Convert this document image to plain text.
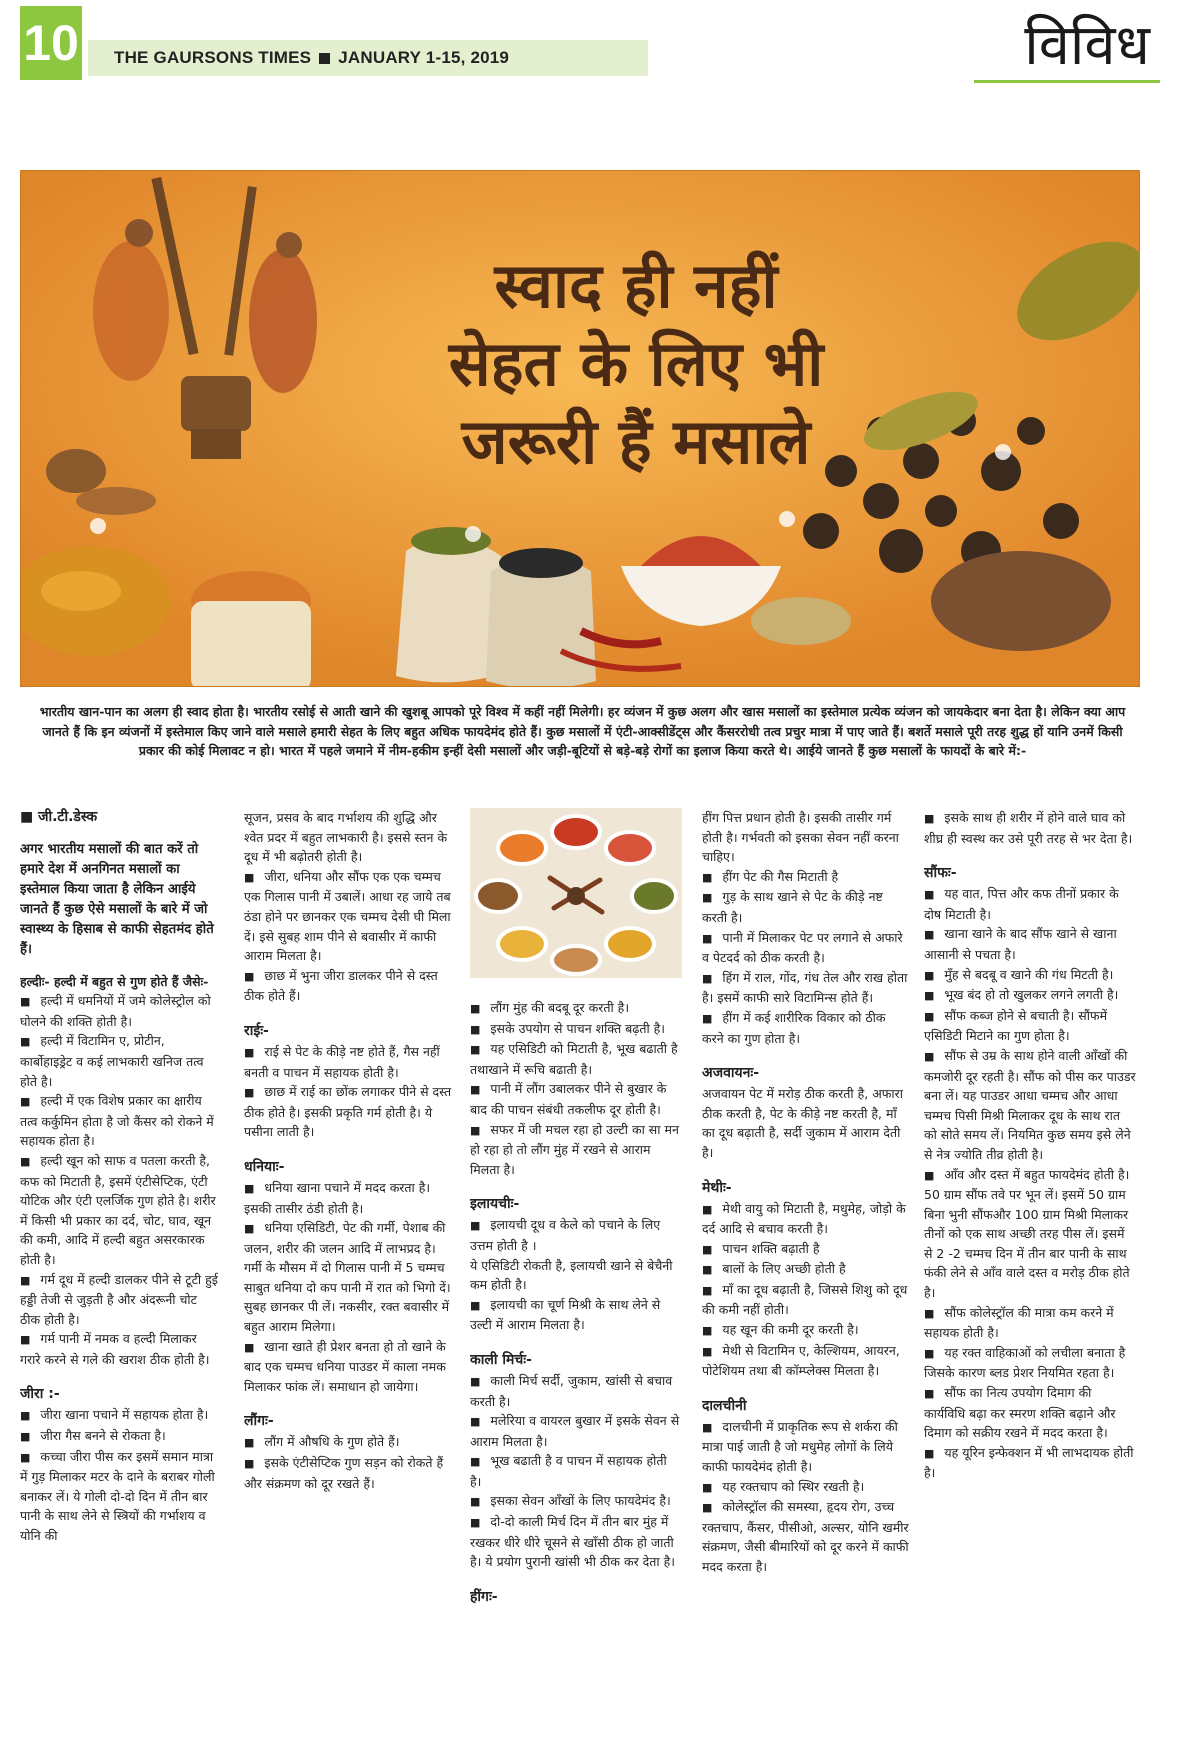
10	THE GAURSONS TIMES JANUARY 1-15, 2019	विविध
स्वाद ही नहीं
सेहत के लिए भी
जरूरी हैं मसाले
भारतीय खान-पान का अलग ही स्वाद होता है। भारतीय रसोई से आती खाने की खुशबू आपको पूरे विश्व में कहीं नहीं मिलेगी। हर व्यंजन में कुछ अलग और खास मसालों का इस्तेमाल प्रत्येक व्यंजन को जायकेदार बना देता है। लेकिन क्या आप जानते हैं कि इन व्यंजनों में इस्तेमाल किए जाने वाले मसाले हमारी सेहत के लिए बहुत अधिक फायदेमंद होते हैं। कुछ मसालों में एंटी-आक्सीडेंट्स और कैंसररोधी तत्व प्रचुर मात्रा में पाए जाते हैं। बशर्ते मसाले पूरी तरह शुद्ध हों यानि उनमें किसी प्रकार की कोई मिलावट न हो। भारत में पहले जमाने में नीम-हकीम इन्हीं देसी मसालों और जड़ी-बूटियों से बड़े-बड़े रोगों का इलाज किया करते थे। आईये जानते हैं कुछ मसालों के फायदों के बारे में:-

■ जी.टी.डेस्क

अगर भारतीय मसालों की बात करें तो हमारे देश में अनगिनत मसालों का इस्तेमाल किया जाता है लेकिन आईये जानते हैं कुछ ऐसे मसालों के बारे में जो स्वास्थ्य के हिसाब से काफी सेहतमंद होते हैं।

हल्दीः- हल्दी में बहुत से गुण होते हैं जैसेः-

■ हल्दी में धमनियों में जमे कोलेस्ट्रोल को घोलने की शक्ति होती है।

■ हल्दी में विटामिन ए, प्रोटीन, कार्बोहाइड्रेट व कई लाभकारी खनिज तत्व होते है।

■ हल्दी में एक विशेष प्रकार का क्षारीय तत्व कर्कुमिन होता है जो कैंसर को रोकने में सहायक होता है।

■ हल्दी खून को साफ व पतला करती है, कफ को मिटाती है, इसमें एंटीसेप्टिक, एंटी योटिक और एंटी एलर्जिक गुण होते है। शरीर में किसी भी प्रकार का दर्द, चोट, घाव, खून की कमी, आदि में हल्दी बहुत असरकारक होती है।

■ गर्म दूध में हल्दी डालकर पीने से टूटी हुई हड्डी तेजी से जुड़ती है और अंदरूनी चोट ठीक होती है।

■ गर्म पानी में नमक व हल्दी मिलाकर गरारे करने से गले की खराश ठीक होती है।

जीरा :-

■ जीरा खाना पचाने में सहायक होता है।

■ जीरा गैस बनने से रोकता है।

■ कच्चा जीरा पीस कर इसमें समान मात्रा में गुड़ मिलाकर मटर के दाने के बराबर गोली बनाकर लें। ये गोली दो-दो दिन में तीन बार पानी के साथ लेने से स्त्रियों की गर्भाशय व योनि की

सूजन, प्रसव के बाद गर्भाशय की शुद्धि और श्वेत प्रदर में बहुत लाभकारी है। इससे स्तन के दूध में भी बढ़ोतरी होती है।

■ जीरा, धनिया और सौंफ एक एक चम्मच एक गिलास पानी में उबालें। आधा रह जाये तब ठंडा होने पर छानकर एक चम्मच देसी घी मिला दें। इसे सुबह शाम पीने से बवासीर में काफी आराम मिलता है।

■ छाछ में भुना जीरा डालकर पीने से दस्त ठीक होते हैं।

राईः-

■ राई से पेट के कीड़े नष्ट होते हैं, गैस नहीं बनती व पाचन में सहायक होती है।

■ छाछ में राई का छोंक लगाकर पीने से दस्त ठीक होते है। इसकी प्रकृति गर्म होती है। ये पसीना लाती है।

धनियाः-

■ धनिया खाना पचाने में मदद करता है। इसकी तासीर ठंडी होती है।

■ धनिया एसिडिटी, पेट की गर्मी, पेशाब की जलन, शरीर की जलन आदि में लाभप्रद है। गर्मी के मौसम में दो गिलास पानी में 5 चम्मच साबुत धनिया दो कप पानी में रात को भिगो दें। सुबह छानकर पी लें। नकसीर, रक्त बवासीर में बहुत आराम मिलेगा।

■ खाना खाते ही प्रेशर बनता हो तो खाने के बाद एक चम्मच धनिया पाउडर में काला नमक मिलाकर फांक लें। समाधान हो जायेगा।

लौंगः-

■ लौंग में औषधि के गुण होते हैं।

■ इसके एंटीसेप्टिक गुण सड़न को रोकते हैं और संक्रमण को दूर रखते हैं।

■ लौंग मुंह की बदबू दूर करती है।

■ इसके उपयोग से पाचन शक्ति बढ़ती है।

■ यह एसिडिटी को मिटाती है, भूख बढाती है तथाखाने में रूचि बढाती है।

■ पानी में लौंग उबालकर पीने से बुखार के बाद की पाचन संबंधी तकलीफ दूर होती है।

■ सफर में जी मचल रहा हो उल्टी का सा मन हो रहा हो तो लौंग मुंह में रखने से आराम मिलता है।

इलायचीः-

■ इलायची दूध व केले को पचाने के लिए उत्तम होती है ।

ये एसिडिटी रोकती है, इलायची खाने से बेचैनी कम होती है।

■ इलायची का चूर्ण मिश्री के साथ लेने से उल्टी में आराम मिलता है।

काली मिर्चः-

■ काली मिर्च सर्दी, जुकाम, खांसी से बचाव करती है।

■ मलेरिया व वायरल बुखार में इसके सेवन से आराम मिलता है।

■ भूख बढाती है व पाचन में सहायक होती है।

■ इसका सेवन आँखों के लिए फायदेमंद है।

■ दो-दो काली मिर्च दिन में तीन बार मुंह में रखकर धीरे धीरे चूसने से खाँसी ठीक हो जाती है। ये प्रयोग पुरानी खांसी भी ठीक कर देता है।

हींगः-

हींग पित्त प्रधान होती है। इसकी तासीर गर्म होती है। गर्भवती को इसका सेवन नहीं करना चाहिए।

■ हींग पेट की गैस मिटाती है

■ गुड़ के साथ खाने से पेट के कीड़े नष्ट करती है।

■ पानी में मिलाकर पेट पर लगाने से अफारे व पेटदर्द को ठीक करती है।

■ हिंग में राल, गोंद, गंध तेल और राख होता है। इसमें काफी सारे विटामिन्स होते हैं।

■ हींग में कई शारीरिक विकार को ठीक करने का गुण होता है।

अजवायनः-

अजवायन पेट में मरोड़ ठीक करती है, अफारा ठीक करती है, पेट के कीड़े नष्ट करती है, माँ का दूध बढ़ाती है, सर्दी जुकाम में आराम देती है।

मेथीः-

■ मेथी वायु को मिटाती है, मधुमेह, जोड़ो के दर्द आदि से बचाव करती है।

■ पाचन शक्ति बढ़ाती है

■ बालों के लिए अच्छी होती है

■ माँ का दूध बढ़ाती है, जिससे शिशु को दूध की कमी नहीं होती।

■ यह खून की कमी दूर करती है।

■ मेथी से विटामिन ए, केल्शियम, आयरन, पोटेशियम तथा बी कॉम्प्लेक्स मिलता है।

दालचीनी

■ दालचीनी में प्राकृतिक रूप से शर्करा की मात्रा पाई जाती है जो मधुमेह लोगों के लिये काफी फायदेमंद होती है।

■ यह रक्तचाप को स्थिर रखती है।

■ कोलेस्ट्रॉल की समस्या, हृदय रोग, उच्च रक्तचाप, कैंसर, पीसीओ, अल्सर, योनि खमीर संक्रमण, जैसी बीमारियों को दूर करने में काफी मदद करता है।

■ इसके साथ ही शरीर में होने वाले घाव को शीघ्र ही स्वस्थ कर उसे पूरी तरह से भर देता है।

सौंफः-

■ यह वात, पित्त और कफ तीनों प्रकार के दोष मिटाती है।

■ खाना खाने के बाद सौंफ खाने से खाना आसानी से पचता है।

■ मुँह से बदबू व खाने की गंध मिटती है।

■ भूख बंद हो तो खुलकर लगने लगती है।

■ सौंफ कब्ज होने से बचाती है। सौंफमें एसिडिटी मिटाने का गुण होता है।

■ सौंफ से उम्र के साथ होने वाली आँखों की कमजोरी दूर रहती है। सौंफ को पीस कर पाउडर बना लें। यह पाउडर आधा चम्मच और आधा चम्मच पिसी मिश्री मिलाकर दूध के साथ रात को सोते समय लें। नियमित कुछ समय इसे लेने से नेत्र ज्योति तीव्र होती है।

■ आँव और दस्त में बहुत फायदेमंद होती है। 50 ग्राम सौंफ तवे पर भून लें। इसमें 50 ग्राम बिना भुनी सौंफऔर 100 ग्राम मिश्री मिलाकर तीनों को एक साथ अच्छी तरह पीस लें। इसमें से 2 -2 चम्मच दिन में तीन बार पानी के साथ फंकी लेने से आँव वाले दस्त व मरोड़ ठीक होते है।

■ सौंफ कोलेस्ट्रॉल की मात्रा कम करने में सहायक होती है।

■ यह रक्त वाहिकाओं को लचीला बनाता है जिसके कारण ब्लड प्रेशर नियमित रहता है।

■ सौंफ का नित्य उपयोग दिमाग की कार्यविधि बढ़ा कर स्मरण शक्ति बढ़ाने और दिमाग को सक्रीय रखने में मदद करता है।

■ यह यूरिन इन्फेक्शन में भी लाभदायक होती है।
